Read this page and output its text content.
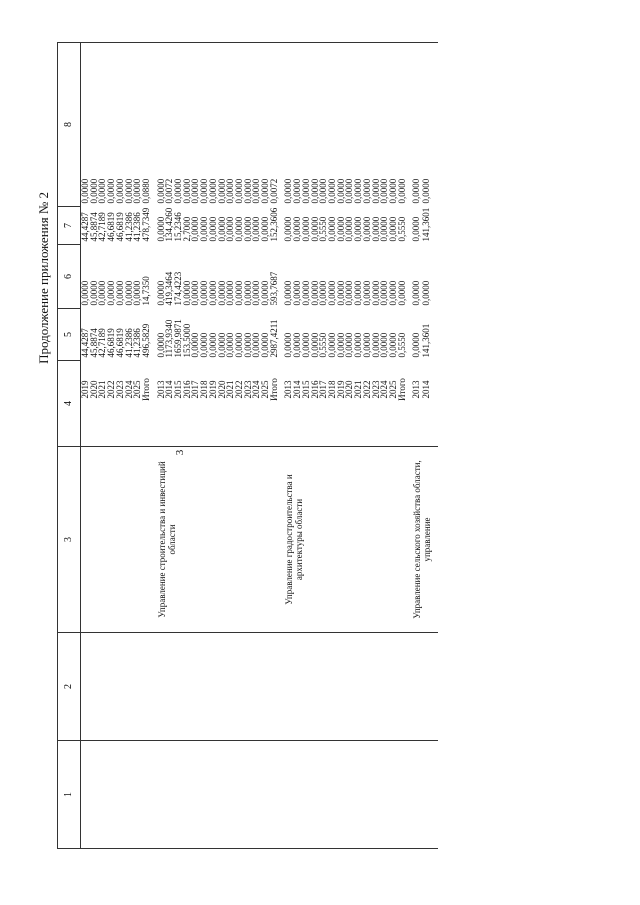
3
Продолжение приложения № 2
1	2	3	4		5	6	7	8	
				2019	44,4287	0,0000	44,4287	0,0000	
				2020	45,8874	0,0000	45,8874	0,0000	
				2021	42,7189	0,0000	42,7189	0,0000	
				2022	46,6819	0,0000	46,6819	0,0000	
				2023	46,6819	0,0000	46,6819	0,0000	
				2024	41,2386	0,0000	41,2386	0,0000	
				2025	41,2386	0,0000	41,2386	0,0000	
				Итого	496,5829	14,7350	478,7349	0,0880	

		Управление строительства и инвестиций области		2013	0,0000	0,0000	0,0000	0,0000	
				2014	1173,9340	419,3464	134,4260	0,0072	
				2015	1659,9871	174,4223	15,2346	0,0000	
				2016	153,5000	0,0000	2,7000	0,0000	
				2017	0,0000	0,0000	0,0000	0,0000	
				2018	0,0000	0,0000	0,0000	0,0000	
				2019	0,0000	0,0000	0,0000	0,0000	
				2020	0,0000	0,0000	0,0000	0,0000	
				2021	0,0000	0,0000	0,0000	0,0000	
				2022	0,0000	0,0000	0,0000	0,0000	
				2023	0,0000	0,0000	0,0000	0,0000	
				2024	0,0000	0,0000	0,0000	0,0000	
				2025	0,0000	0,0000	0,0000	0,0000	
				Итого	2987,4211	593,7687	152,3606	0,0072	

		Управление градостроительства и архитектуры области		2013	0,0000	0,0000	0,0000	0,0000	
				2014	0,0000	0,0000	0,0000	0,0000	
				2015	0,0000	0,0000	0,0000	0,0000	
				2016	0,0000	0,0000	0,0000	0,0000	
				2017	0,5550	0,0000	0,5550	0,0000	
				2018	0,0000	0,0000	0,0000	0,0000	
				2019	0,0000	0,0000	0,0000	0,0000	
				2020	0,0000	0,0000	0,0000	0,0000	
				2021	0,0000	0,0000	0,0000	0,0000	
				2022	0,0000	0,0000	0,0000	0,0000	
				2023	0,0000	0,0000	0,0000	0,0000	
				2024	0,0000	0,0000	0,0000	0,0000	
				2025	0,0000	0,0000	0,0000	0,0000	
				Итого	0,5550	0,0000	0,5550	0,0000	

		Управление сельского хозяйства области, управление		2013	0,0000	0,0000	0,0000	0,0000	
				2014	141,3601	0,0000	141,3601	0,0000	
